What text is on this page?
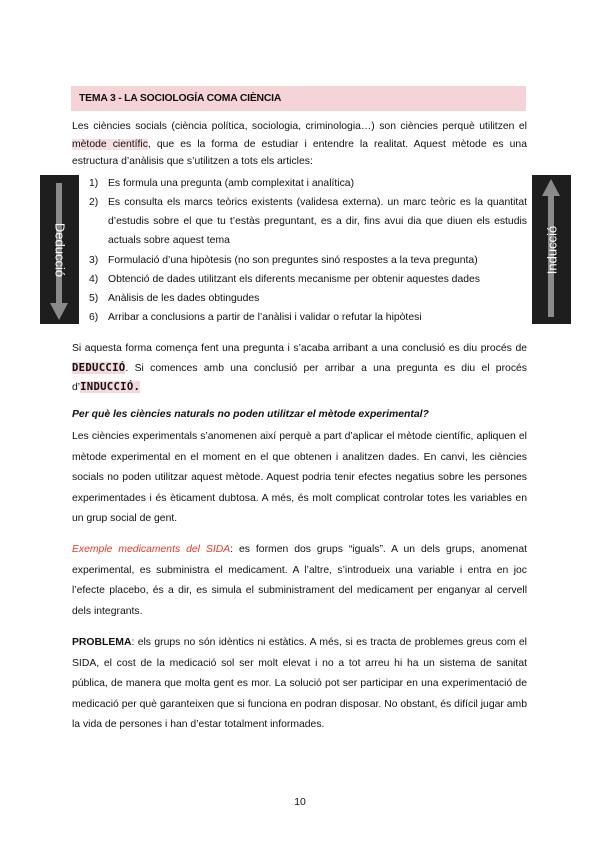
TEMA 3 - LA SOCIOLOGÍA COMA CIÈNCIA

Les ciències socials (ciència política, sociologia, criminologia…) son ciències perquè utilitzen el mètode científic, que es la forma de estudiar i entendre la realitat. Aquest mètode es una estructura d’anàlisis que s’utilitzen a tots els articles:

Deducció	Inducció
1) Es formula una pregunta (amb complexitat i analítica)
2) Es consulta els marcs teòrics existents (validesa externa). un marc teòric es la quantitat d’estudis sobre el que tu t’estàs preguntant, es a dir, fins avui dia que diuen els estudis actuals sobre aquest tema
3) Formulació d’una hipòtesis (no son preguntes sinó respostes a la teva pregunta)
4) Obtenció de dades utilitzant els diferents mecanisme per obtenir aquestes dades
5) Anàlisis de les dades obtingudes
6) Arribar a conclusions a partir de l’anàlisi i validar o refutar la hipòtesi

Si aquesta forma comença fent una pregunta i s’acaba arribant a una conclusió es diu procés de DEDUCCIÓ. Si comences amb una conclusió per arribar a una pregunta es diu el procés d’INDUCCIÓ.

Per què les ciències naturals no poden utilitzar el mètode experimental?

Les ciències experimentals s’anomenen així perquè a part d’aplicar el mètode científic, apliquen el mètode experimental en el moment en el que obtenen i analitzen dades. En canvi, les ciències socials no poden utilitzar aquest mètode. Aquest podria tenir efectes negatius sobre les persones experimentades i és èticament dubtosa. A més, és molt complicat controlar totes les variables en un grup social de gent.

Exemple medicaments del SIDA: es formen dos grups “iguals”. A un dels grups, anomenat experimental, es subministra el medicament. A l’altre, s’introdueix una variable i entra en joc l’efecte placebo, és a dir, es simula el subministrament del medicament per enganyar al cervell dels integrants.

PROBLEMA: els grups no són idèntics ni estàtics. A més, si es tracta de problemes greus com el SIDA, el cost de la medicació sol ser molt elevat i no a tot arreu hi ha un sistema de sanitat pública, de manera que molta gent es mor. La solució pot ser participar en una experimentació de medicació per què garanteixen que si funciona en podran disposar. No obstant, és difícil jugar amb la vida de persones i han d’estar totalment informades.

10
